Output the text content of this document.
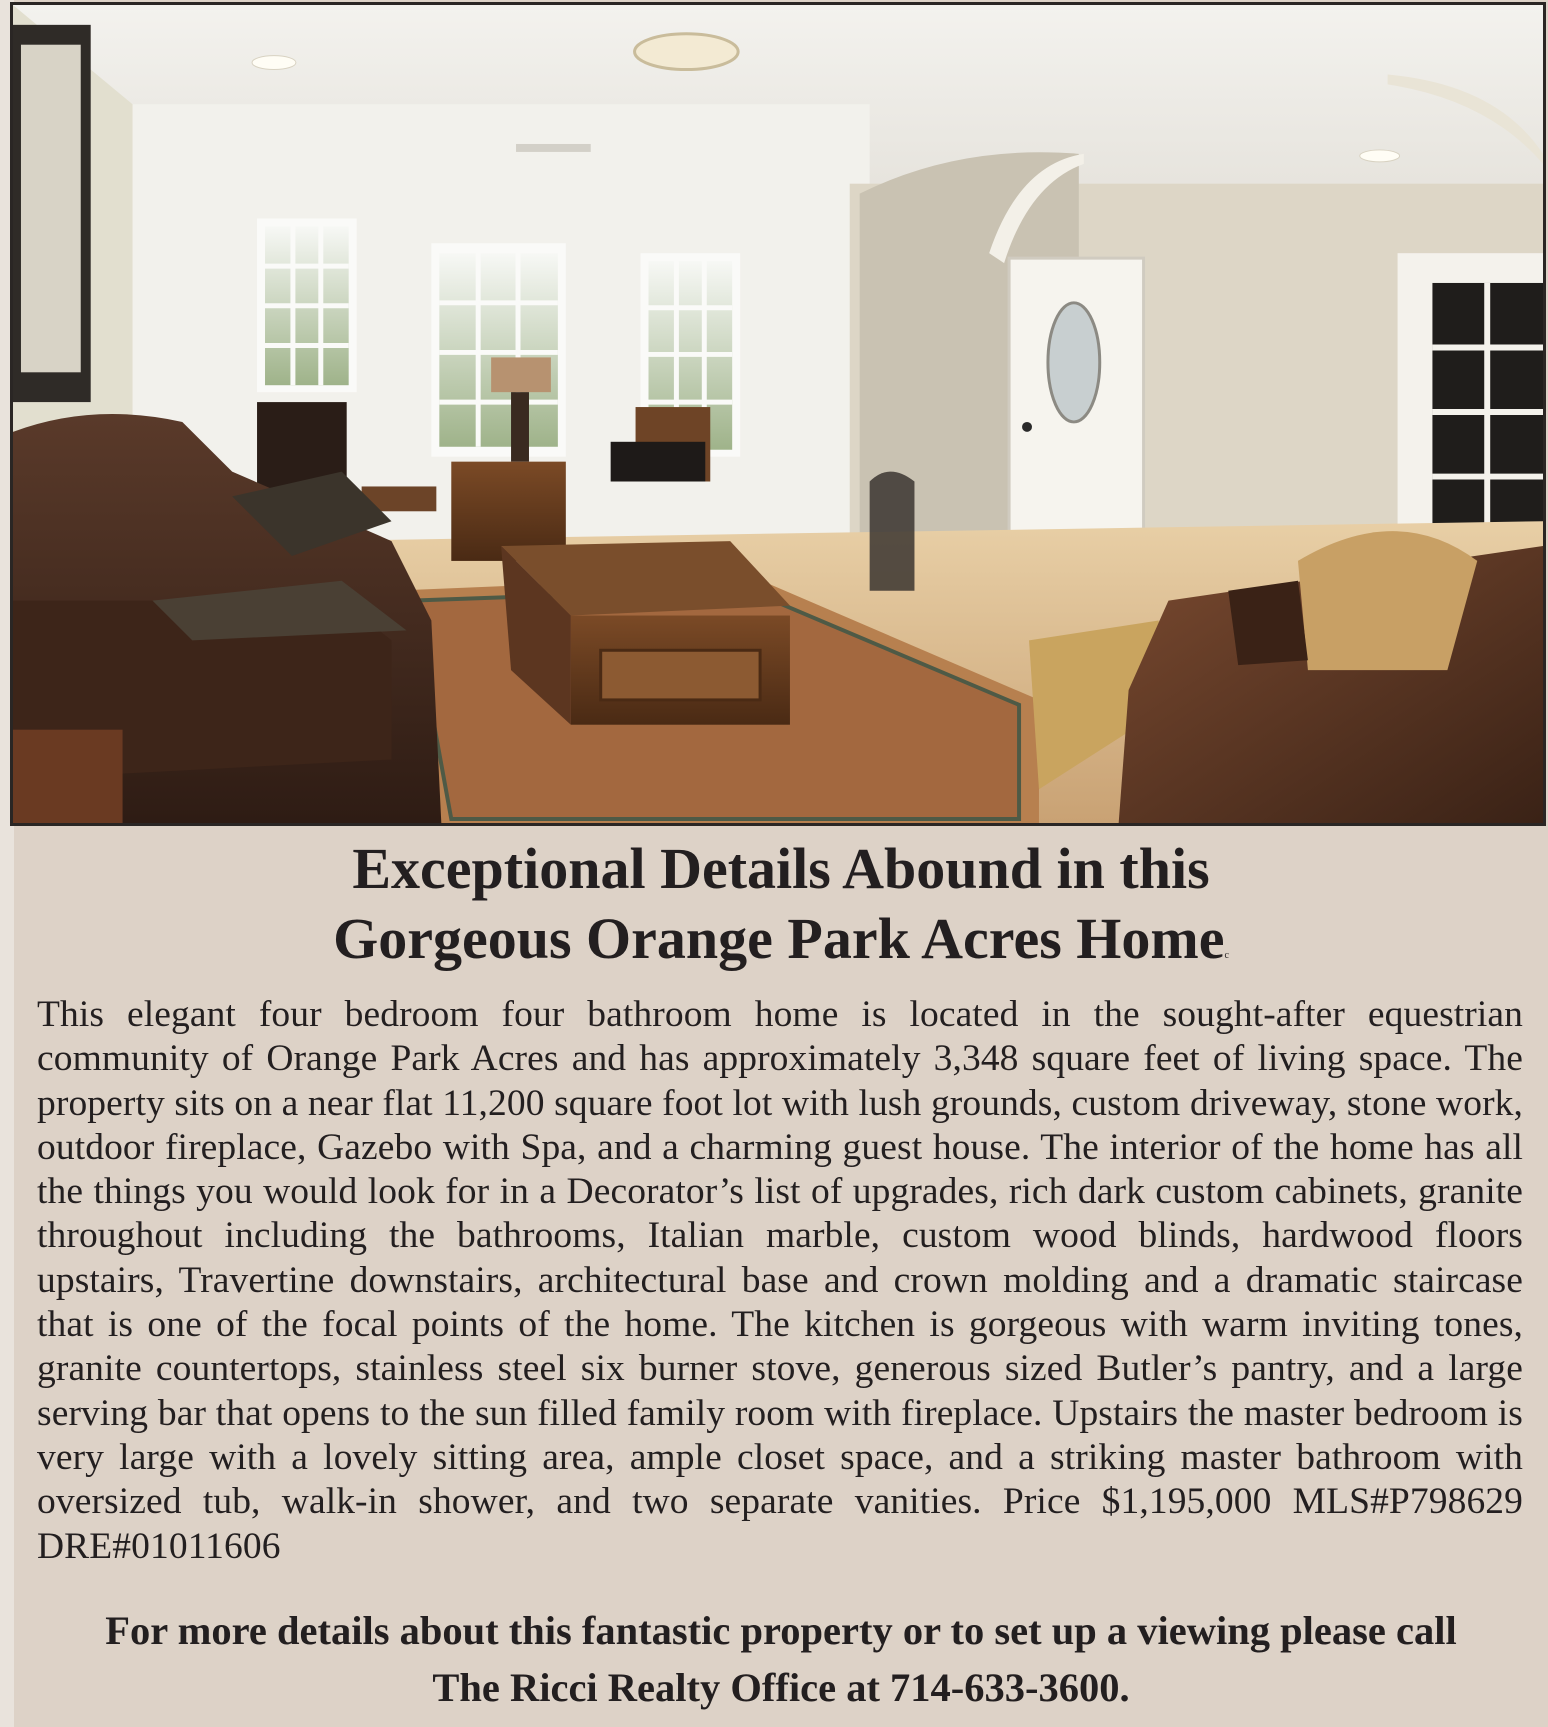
Exceptional Details Abound in this
Gorgeous Orange Park Acres Homec

This elegant four bedroom four bathroom home is located in the sought-after equestrian community of Orange Park Acres and has approximately 3,348 square feet of living space. The property sits on a near flat 11,200 square foot lot with lush grounds, custom driveway, stone work, outdoor fireplace, Gazebo with Spa, and a charming guest house. The interior of the home has all the things you would look for in a Decorator’s list of upgrades, rich dark custom cabinets, granite throughout including the bathrooms, Italian marble, custom wood blinds, hardwood floors upstairs, Travertine downstairs, architectural base and crown molding and a dramatic staircase that is one of the focal points of the home. The kitchen is gorgeous with warm inviting tones, granite countertops, stainless steel six burner stove, generous sized Butler’s pantry, and a large serving bar that opens to the sun filled family room with fireplace. Upstairs the master bedroom is very large with a lovely sitting area, ample closet space, and a striking master bathroom with oversized tub, walk-in shower, and two separate vanities. Price $1,195,000 MLS#P798629 DRE#01011606

For more details about this fantastic property or to set up a viewing please call
The Ricci Realty Office at 714-633-3600.
